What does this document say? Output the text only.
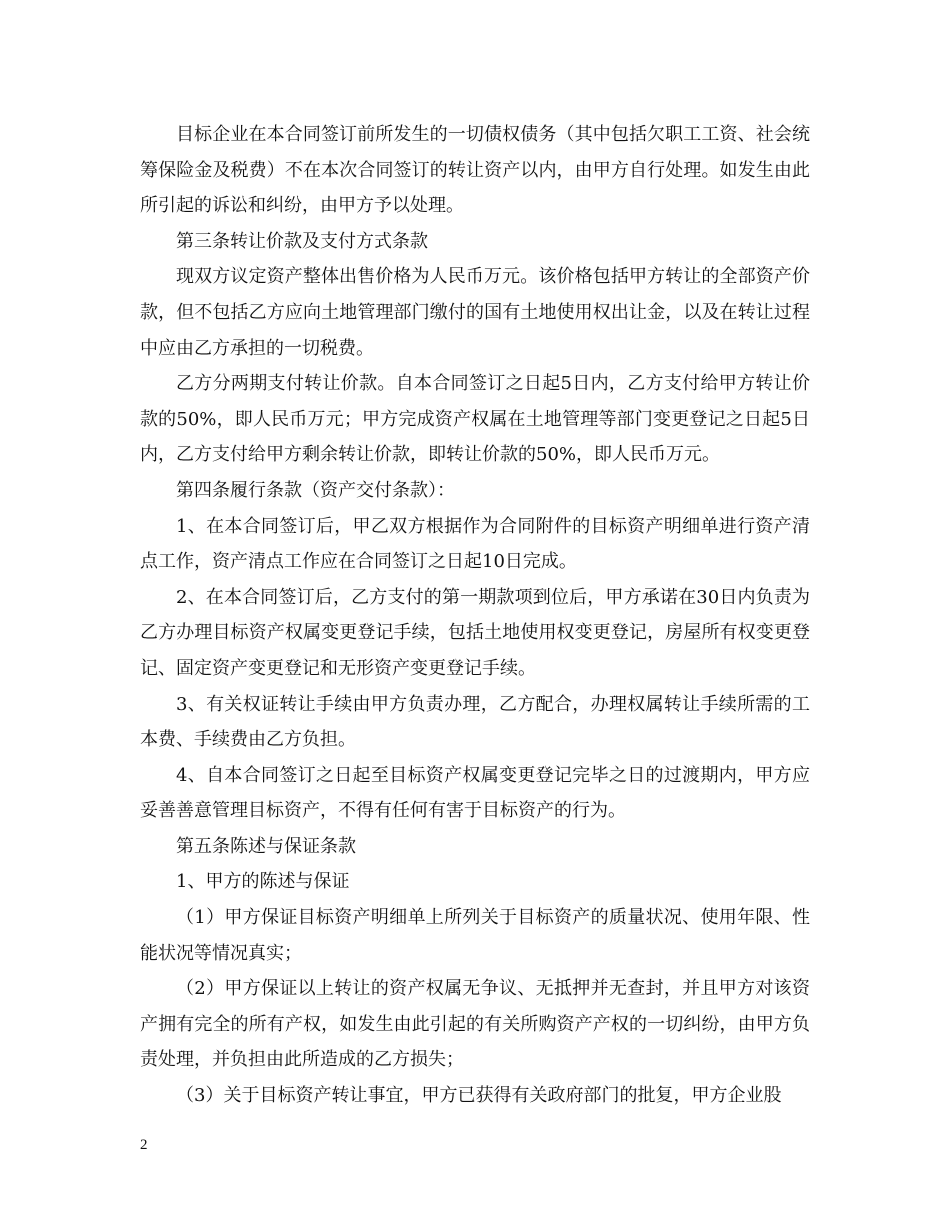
目标企业在本合同签订前所发生的一切债权债务（其中包括欠职工工资、社会统筹保险金及税费）不在本次合同签订的转让资产以内，由甲方自行处理。如发生由此所引起的诉讼和纠纷，由甲方予以处理。

第三条转让价款及支付方式条款

现双方议定资产整体出售价格为人民币万元。该价格包括甲方转让的全部资产价款，但不包括乙方应向土地管理部门缴付的国有土地使用权出让金，以及在转让过程中应由乙方承担的一切税费。

乙方分两期支付转让价款。自本合同签订之日起5日内，乙方支付给甲方转让价款的50%，即人民币万元；甲方完成资产权属在土地管理等部门变更登记之日起5日内，乙方支付给甲方剩余转让价款，即转让价款的50%，即人民币万元。

第四条履行条款（资产交付条款）：

1、在本合同签订后，甲乙双方根据作为合同附件的目标资产明细单进行资产清点工作，资产清点工作应在合同签订之日起10日完成。

2、在本合同签订后，乙方支付的第一期款项到位后，甲方承诺在30日内负责为乙方办理目标资产权属变更登记手续，包括土地使用权变更登记，房屋所有权变更登记、固定资产变更登记和无形资产变更登记手续。

3、有关权证转让手续由甲方负责办理，乙方配合，办理权属转让手续所需的工本费、手续费由乙方负担。

4、自本合同签订之日起至目标资产权属变更登记完毕之日的过渡期内，甲方应妥善善意管理目标资产，不得有任何有害于目标资产的行为。

第五条陈述与保证条款

1、甲方的陈述与保证

（1）甲方保证目标资产明细单上所列关于目标资产的质量状况、使用年限、性能状况等情况真实；

（2）甲方保证以上转让的资产权属无争议、无抵押并无查封，并且甲方对该资产拥有完全的所有产权，如发生由此引起的有关所购资产产权的一切纠纷，由甲方负责处理，并负担由此所造成的乙方损失；

（3）关于目标资产转让事宜，甲方已获得有关政府部门的批复，甲方企业股

2
